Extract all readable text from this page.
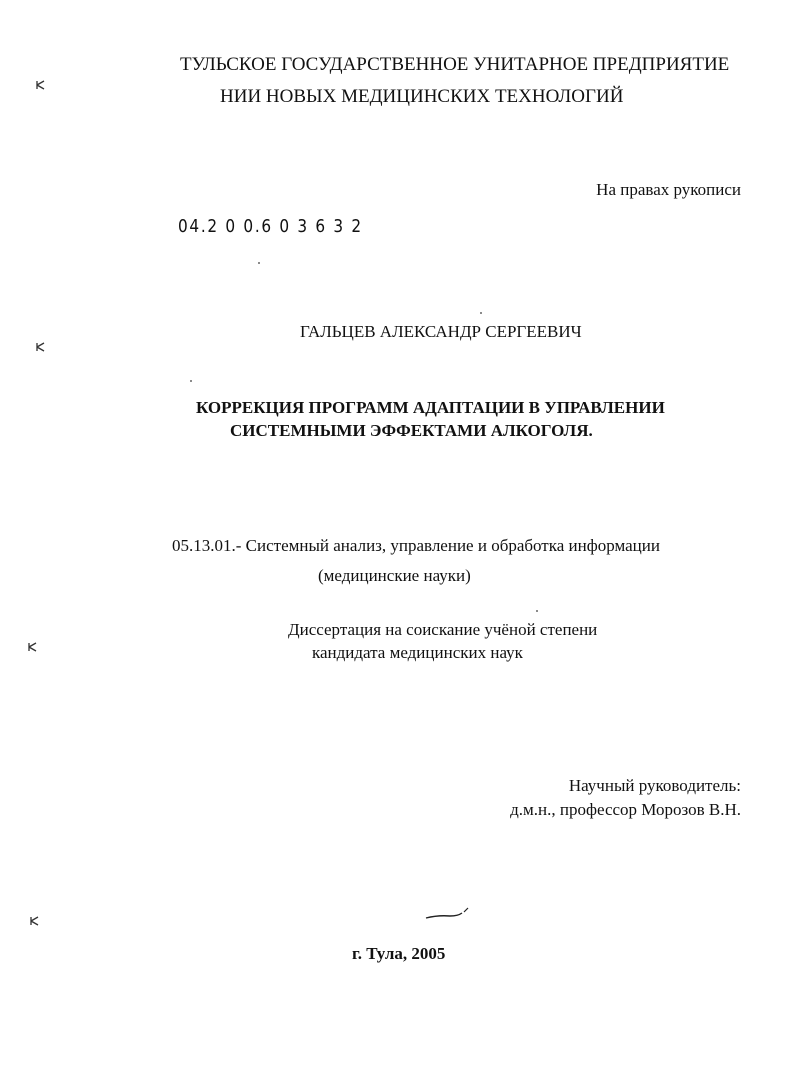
ТУЛЬСКОЕ ГОСУДАРСТВЕННОЕ УНИТАРНОЕ ПРЕДПРИЯТИЕ
НИИ НОВЫХ МЕДИЦИНСКИХ ТЕХНОЛОГИЙ
На правах рукописи
04.2 0 0.6 0 3 6 3 2
ГАЛЬЦЕВ АЛЕКСАНДР СЕРГЕЕВИЧ
КОРРЕКЦИЯ ПРОГРАММ АДАПТАЦИИ В УПРАВЛЕНИИ
СИСТЕМНЫМИ ЭФФЕКТАМИ АЛКОГОЛЯ.
05.13.01.- Системный анализ, управление и обработка информации
(медицинские науки)
Диссертация на соискание учёной степени
кандидата медицинских наук
Научный руководитель:
д.м.н., профессор Морозов В.Н.
г. Тула, 2005
